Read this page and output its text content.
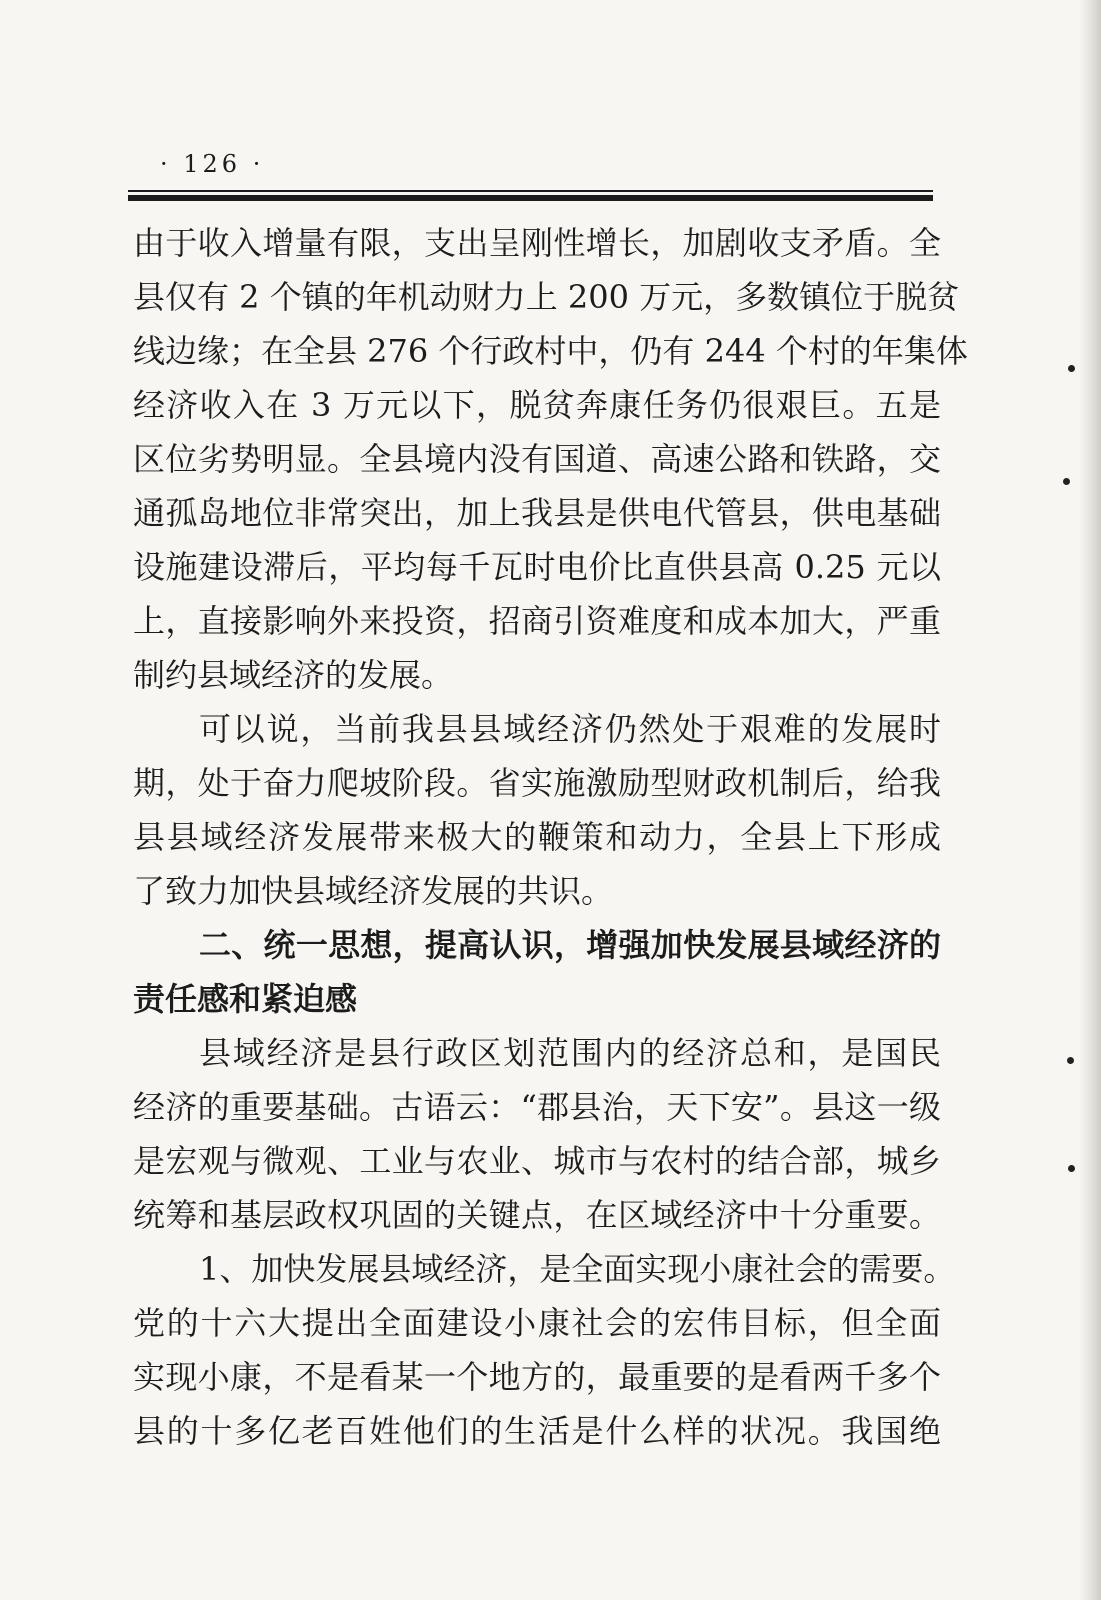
· 126 ·
由于收入增量有限，支出呈刚性增长，加剧收支矛盾。全
县仅有 2 个镇的年机动财力上 200 万元，多数镇位于脱贫
线边缘；在全县 276 个行政村中，仍有 244 个村的年集体
经济收入在 3 万元以下，脱贫奔康任务仍很艰巨。五是
区位劣势明显。全县境内没有国道、高速公路和铁路，交
通孤岛地位非常突出，加上我县是供电代管县，供电基础
设施建设滞后，平均每千瓦时电价比直供县高 0.25 元以
上，直接影响外来投资，招商引资难度和成本加大，严重
制约县域经济的发展。
可以说，当前我县县域经济仍然处于艰难的发展时
期，处于奋力爬坡阶段。省实施激励型财政机制后，给我
县县域经济发展带来极大的鞭策和动力，全县上下形成
了致力加快县域经济发展的共识。
二、统一思想，提高认识，增强加快发展县域经济的
责任感和紧迫感
县域经济是县行政区划范围内的经济总和，是国民
经济的重要基础。古语云：“郡县治，天下安”。县这一级
是宏观与微观、工业与农业、城市与农村的结合部，城乡
统筹和基层政权巩固的关键点，在区域经济中十分重要。
1、加快发展县域经济，是全面实现小康社会的需要。
党的十六大提出全面建设小康社会的宏伟目标，但全面
实现小康，不是看某一个地方的，最重要的是看两千多个
县的十多亿老百姓他们的生活是什么样的状况。我国绝
